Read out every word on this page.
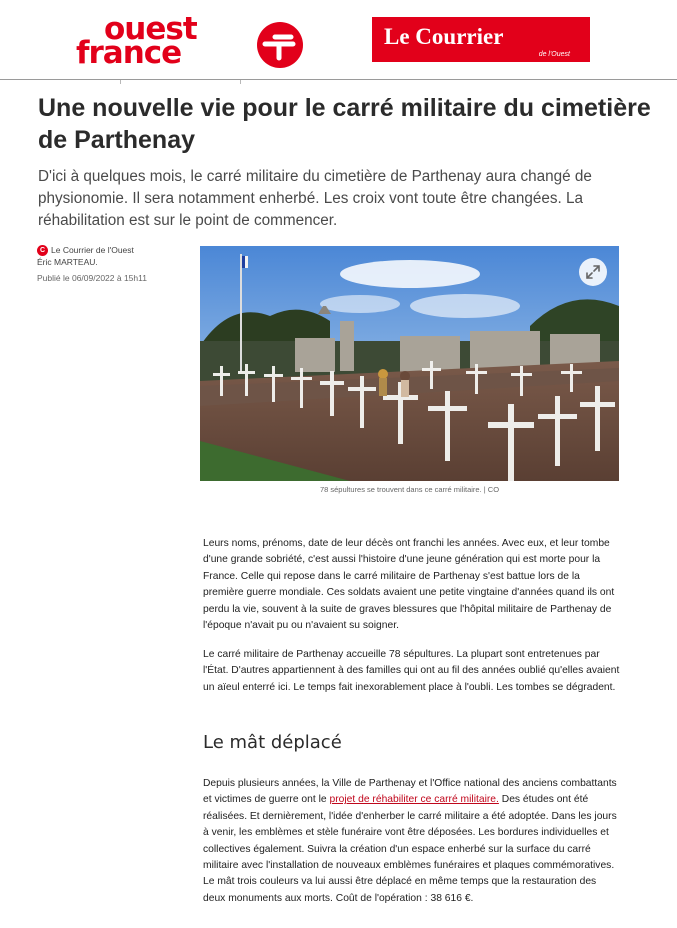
ouest
france	Le Courrier
de l'Ouest
Une nouvelle vie pour le carré militaire du cimetière de Parthenay

D'ici à quelques mois, le carré militaire du cimetière de Parthenay aura changé de physionomie. Il sera notamment enherbé. Les croix vont toute être changées. La réhabilitation est sur le point de commencer.

C Le Courrier de l'Ouest
Éric MARTEAU.
Publié le 06/09/2022 à 15h11
78 sépultures se trouvent dans ce carré militaire. | CO

Leurs noms, prénoms, date de leur décès ont franchi les années. Avec eux, et leur tombe d'une grande sobriété, c'est aussi l'histoire d'une jeune génération qui est morte pour la France. Celle qui repose dans le carré militaire de Parthenay s'est battue lors de la première guerre mondiale. Ces soldats avaient une petite vingtaine d'années quand ils ont perdu la vie, souvent à la suite de graves blessures que l'hôpital militaire de Parthenay de l'époque n'avait pu ou n'avaient su soigner.

Le carré militaire de Parthenay accueille 78 sépultures. La plupart sont entretenues par l'État. D'autres appartiennent à des familles qui ont au fil des années oublié qu'elles avaient un aïeul enterré ici. Le temps fait inexorablement place à l'oubli. Les tombes se dégradent.

Le mât déplacé

Depuis plusieurs années, la Ville de Parthenay et l'Office national des anciens combattants et victimes de guerre ont le projet de réhabiliter ce carré militaire. Des études ont été réalisées. Et dernièrement, l'idée d'enherber le carré militaire a été adoptée. Dans les jours à venir, les emblèmes et stèle funéraire vont être déposées. Les bordures individuelles et collectives également. Suivra la création d'un espace enherbé sur la surface du carré militaire avec l'installation de nouveaux emblèmes funéraires et plaques commémoratives. Le mât trois couleurs va lui aussi être déplacé en même temps que la restauration des deux monuments aux morts. Coût de l'opération : 38 616 €.
